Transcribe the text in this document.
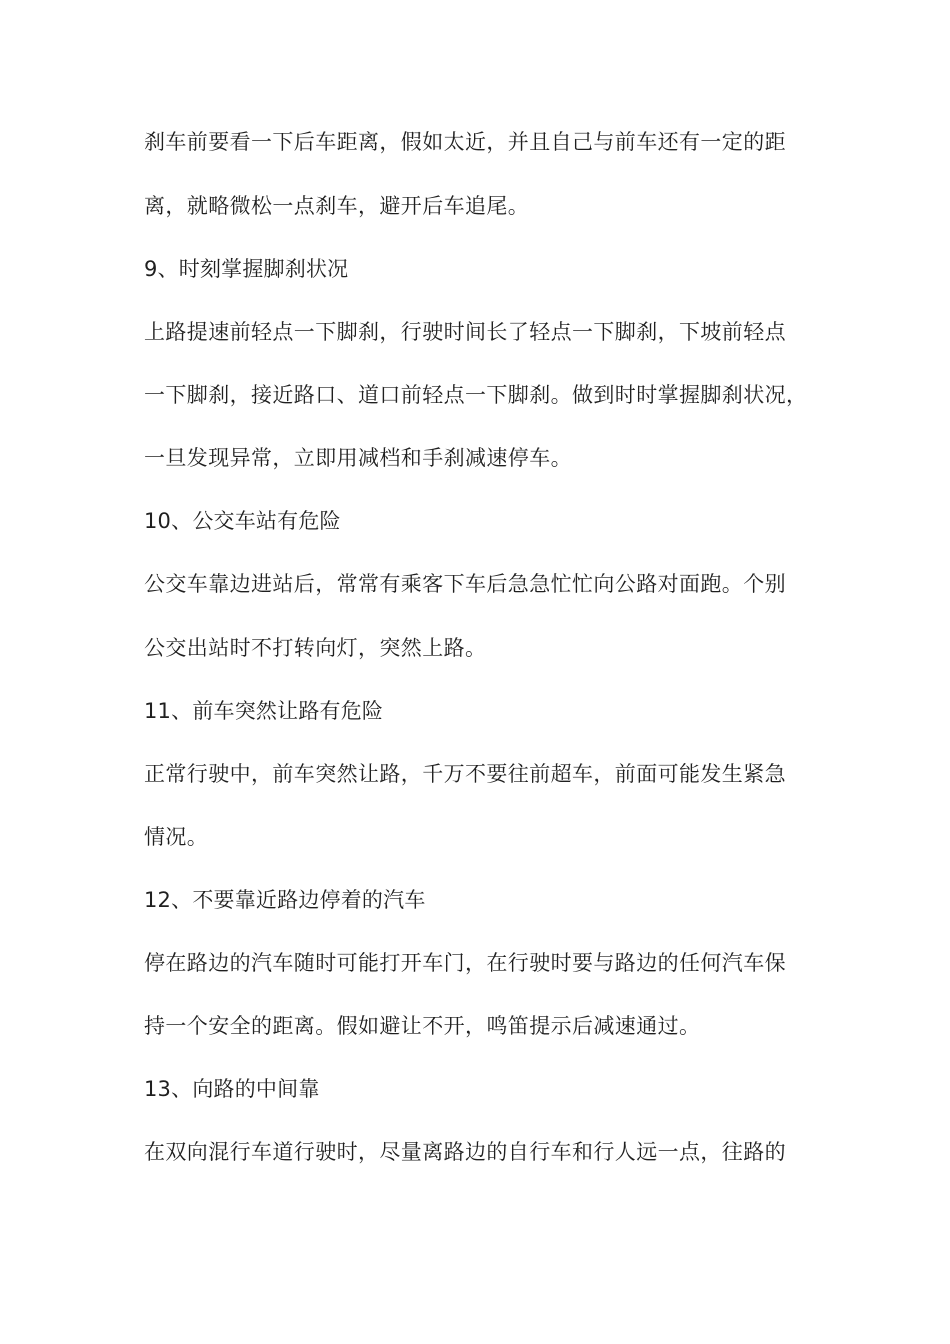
刹车前要看一下后车距离，假如太近，并且自己与前车还有一定的距

离，就略微松一点刹车，避开后车追尾。

9、时刻掌握脚刹状况

上路提速前轻点一下脚刹，行驶时间长了轻点一下脚刹，下坡前轻点

一下脚刹，接近路口、道口前轻点一下脚刹。做到时时掌握脚刹状况，

一旦发现异常，立即用减档和手刹减速停车。

10、公交车站有危险

公交车靠边进站后，常常有乘客下车后急急忙忙向公路对面跑。个别

公交出站时不打转向灯，突然上路。

11、前车突然让路有危险

正常行驶中，前车突然让路，千万不要往前超车，前面可能发生紧急

情况。

12、不要靠近路边停着的汽车

停在路边的汽车随时可能打开车门，在行驶时要与路边的任何汽车保

持一个安全的距离。假如避让不开，鸣笛提示后减速通过。

13、向路的中间靠

在双向混行车道行驶时，尽量离路边的自行车和行人远一点，往路的
